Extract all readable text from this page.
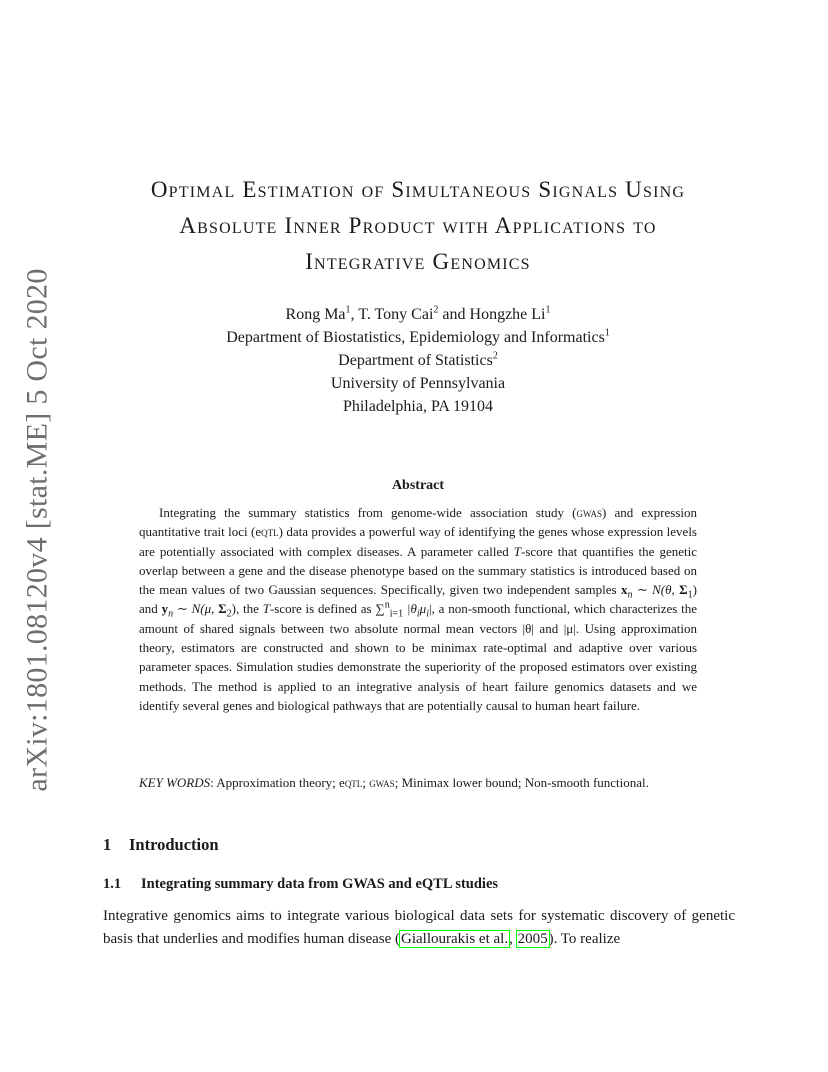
arXiv:1801.08120v4 [stat.ME] 5 Oct 2020
Optimal Estimation of Simultaneous Signals Using
Absolute Inner Product with Applications to
Integrative Genomics
Rong Ma$^1$, T. Tony Cai$^2$ and Hongzhe Li$^1$
Department of Biostatistics, Epidemiology and Informatics$^1$
Department of Statistics$^2$
University of Pennsylvania
Philadelphia, PA 19104
Abstract

Integrating the summary statistics from genome-wide association study (gwas) and expression quantitative trait loci (eqtl) data provides a powerful way of identifying the genes whose expression levels are potentially associated with complex diseases. A parameter called T-score that quantifies the genetic overlap between a gene and the disease phenotype based on the summary statistics is introduced based on the mean values of two Gaussian sequences. Specifically, given two independent samples $x_n$ ∼ N(θ, $\Sigma_1$) and $y_n$ ∼ N(μ, $\Sigma_2$), the T-score is defined as ∑$^n_{i=1}$ $|\theta_i\mu_i|$, a non-smooth functional, which characterizes the amount of shared signals between two absolute normal mean vectors |θ| and |μ|. Using approximation theory, estimators are constructed and shown to be minimax rate-optimal and adaptive over various parameter spaces. Simulation studies demonstrate the superiority of the proposed estimators over existing methods. The method is applied to an integrative analysis of heart failure genomics datasets and we identify several genes and biological pathways that are potentially causal to human heart failure.

KEY WORDS: Approximation theory; eqtl; gwas; Minimax lower bound; Non-smooth functional.
1 Introduction
1.1 Integrating summary data from GWAS and eQTL studies

Integrative genomics aims to integrate various biological data sets for systematic discovery of genetic basis that underlies and modifies human disease (Giallourakis et al., 2005). To realize
